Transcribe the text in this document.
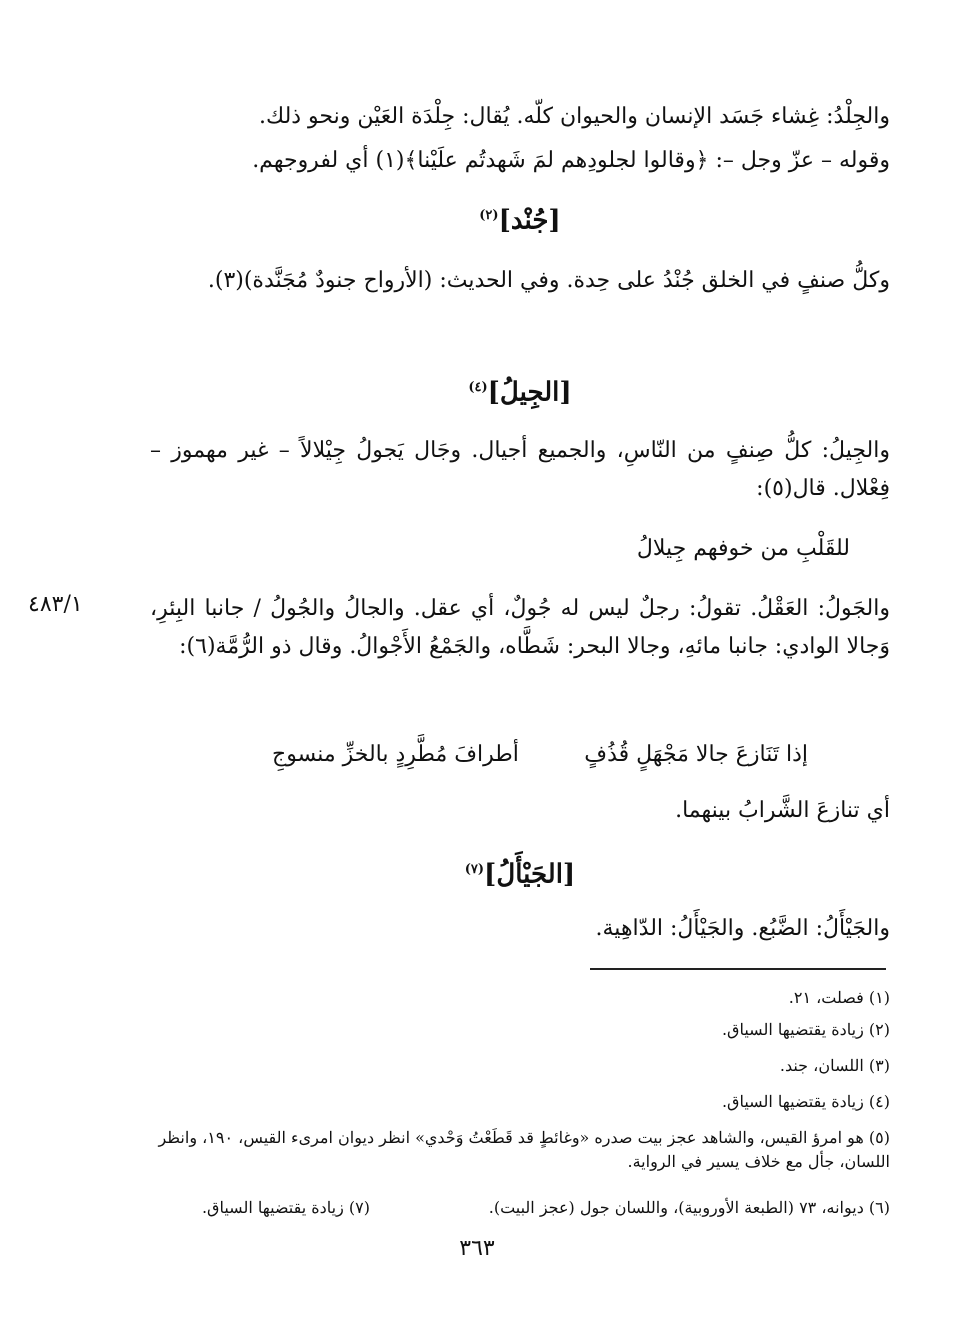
والجِلْدُ: غِشاء جَسَد الإنسان والحيوان كلّه. يُقال: جِلْدَة العَيْن ونحو ذلك.
وقوله – عزّ وجل –: ﴿وقالوا لجلودِهم لمَ شَهدتُم علَيْنا﴾(١) أي لفروجهم.
[جُنْد]$^{(٢)}$
وكلُّ صنفٍ في الخلق جُنْدُ على حِدة. وفي الحديث: (الأرواح جنودٌ مُجَنَّدة)(٣).
[الجِيلُ]$^{(٤)}$
والجِيلُ: كلُّ صِنفٍ من النّاسِ، والجميع أجيال. وجَال يَجولُ جِيْلالاً – غير مهموز – فِعْلال. قال(٥):
للقَلْبِ من خوفهم جِيلالُ
٤٨٣/١	والجَولُ: العَقْلُ. تقولُ: رجلٌ ليس له جُولٌ، أي عقل. والجالُ والجُولُ / جانبا البِئرِ، وَجالا الوادي: جانبا مائهِ، وجالا البحر: شَطَّاه، والجَمْعُ الأَجْوالُ. وقال ذو الرُّمَّة(٦):
إذا تَنَازعَ جالا مَجْهَلٍ قُذُفٍ
أطرافَ مُطَّرِدٍ بالخزِّ منسوجِ
أي تنازعَ الشَّرابُ بينهما.
[الجَيْأَلُ]$^{(٧)}$
والجَيْأَلُ: الضَّبُع. والجَيْأَلُ: الدّاهِية.
(١) فصلت، ٢١.
(٢) زيادة يقتضيها السياق.
(٣) اللسان، جند.
(٤) زيادة يقتضيها السياق.
(٥) هو امرؤ القيس، والشاهد عجز بيت صدره «وغائطٍ قد قَطَعْتُ وَحْدي» انظر ديوان امرىء القيس، ١٩٠، وانظر اللسان، جأل مع خلاف يسير في الرواية.
(٦) ديوانه، ٧٣ (الطبعة الأوروبية)، واللسان جول (عجز البيت).
(٧) زيادة يقتضيها السياق.
٣٦٣
